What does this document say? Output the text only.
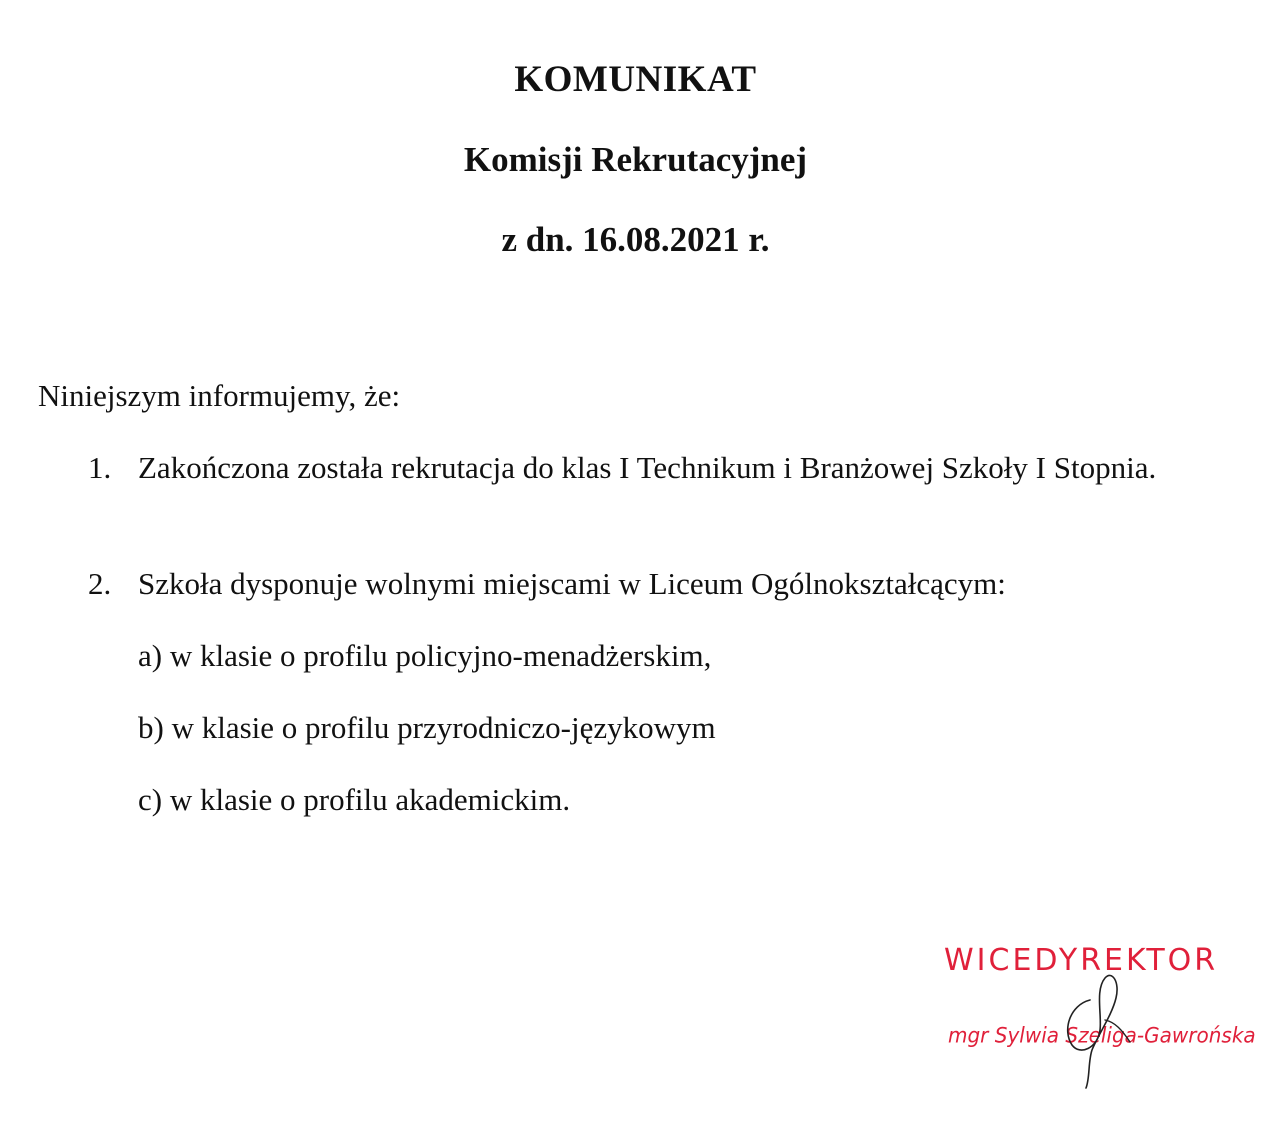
KOMUNIKAT
Komisji Rekrutacyjnej
z dn. 16.08.2021 r.

Niniejszym informujemy, że:

1. Zakończona została rekrutacja do klas I Technikum i Branżowej Szkoły I Stopnia.
2. Szkoła dysponuje wolnymi miejscami w Liceum Ogólnokształcącym:

a) w klasie o profilu policyjno-menadżerskim,

b) w klasie o profilu przyrodniczo-językowym

c) w klasie o profilu akademickim.

WICEDYREKTOR

mgr Sylwia Szeliga-Gawrońska
